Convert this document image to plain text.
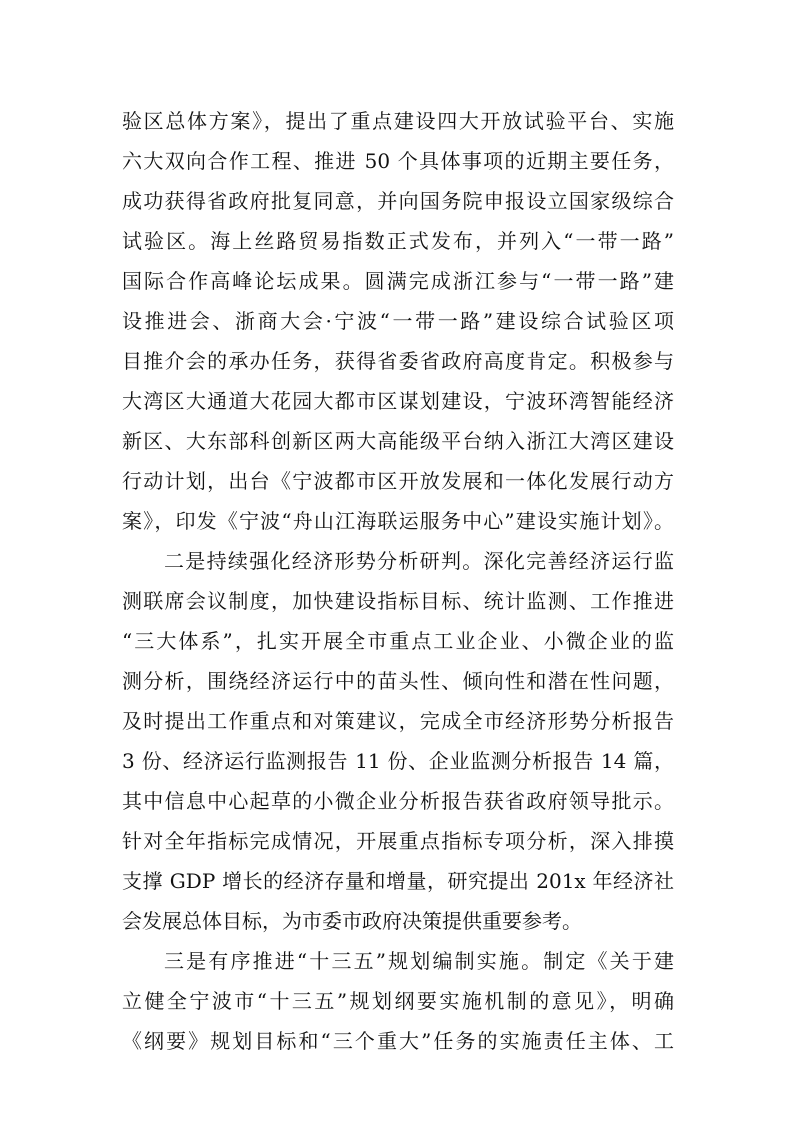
验区总体方案》，提出了重点建设四大开放试验平台、实施
六大双向合作工程、推进 50 个具体事项的近期主要任务，
成功获得省政府批复同意，并向国务院申报设立国家级综合
试验区。海上丝路贸易指数正式发布，并列入“一带一路”
国际合作高峰论坛成果。圆满完成浙江参与“一带一路”建
设推进会、浙商大会·宁波“一带一路”建设综合试验区项
目推介会的承办任务，获得省委省政府高度肯定。积极参与
大湾区大通道大花园大都市区谋划建设，宁波环湾智能经济
新区、大东部科创新区两大高能级平台纳入浙江大湾区建设
行动计划，出台《宁波都市区开放发展和一体化发展行动方
案》，印发《宁波“舟山江海联运服务中心”建设实施计划》。
二是持续强化经济形势分析研判。深化完善经济运行监
测联席会议制度，加快建设指标目标、统计监测、工作推进
“三大体系”，扎实开展全市重点工业企业、小微企业的监
测分析，围绕经济运行中的苗头性、倾向性和潜在性问题，
及时提出工作重点和对策建议，完成全市经济形势分析报告
3 份、经济运行监测报告 11 份、企业监测分析报告 14 篇，
其中信息中心起草的小微企业分析报告获省政府领导批示。
针对全年指标完成情况，开展重点指标专项分析，深入排摸
支撑 GDP 增长的经济存量和增量，研究提出 201x 年经济社
会发展总体目标，为市委市政府决策提供重要参考。
三是有序推进“十三五”规划编制实施。制定《关于建
立健全宁波市“十三五”规划纲要实施机制的意见》，明确
《纲要》规划目标和“三个重大”任务的实施责任主体、工
